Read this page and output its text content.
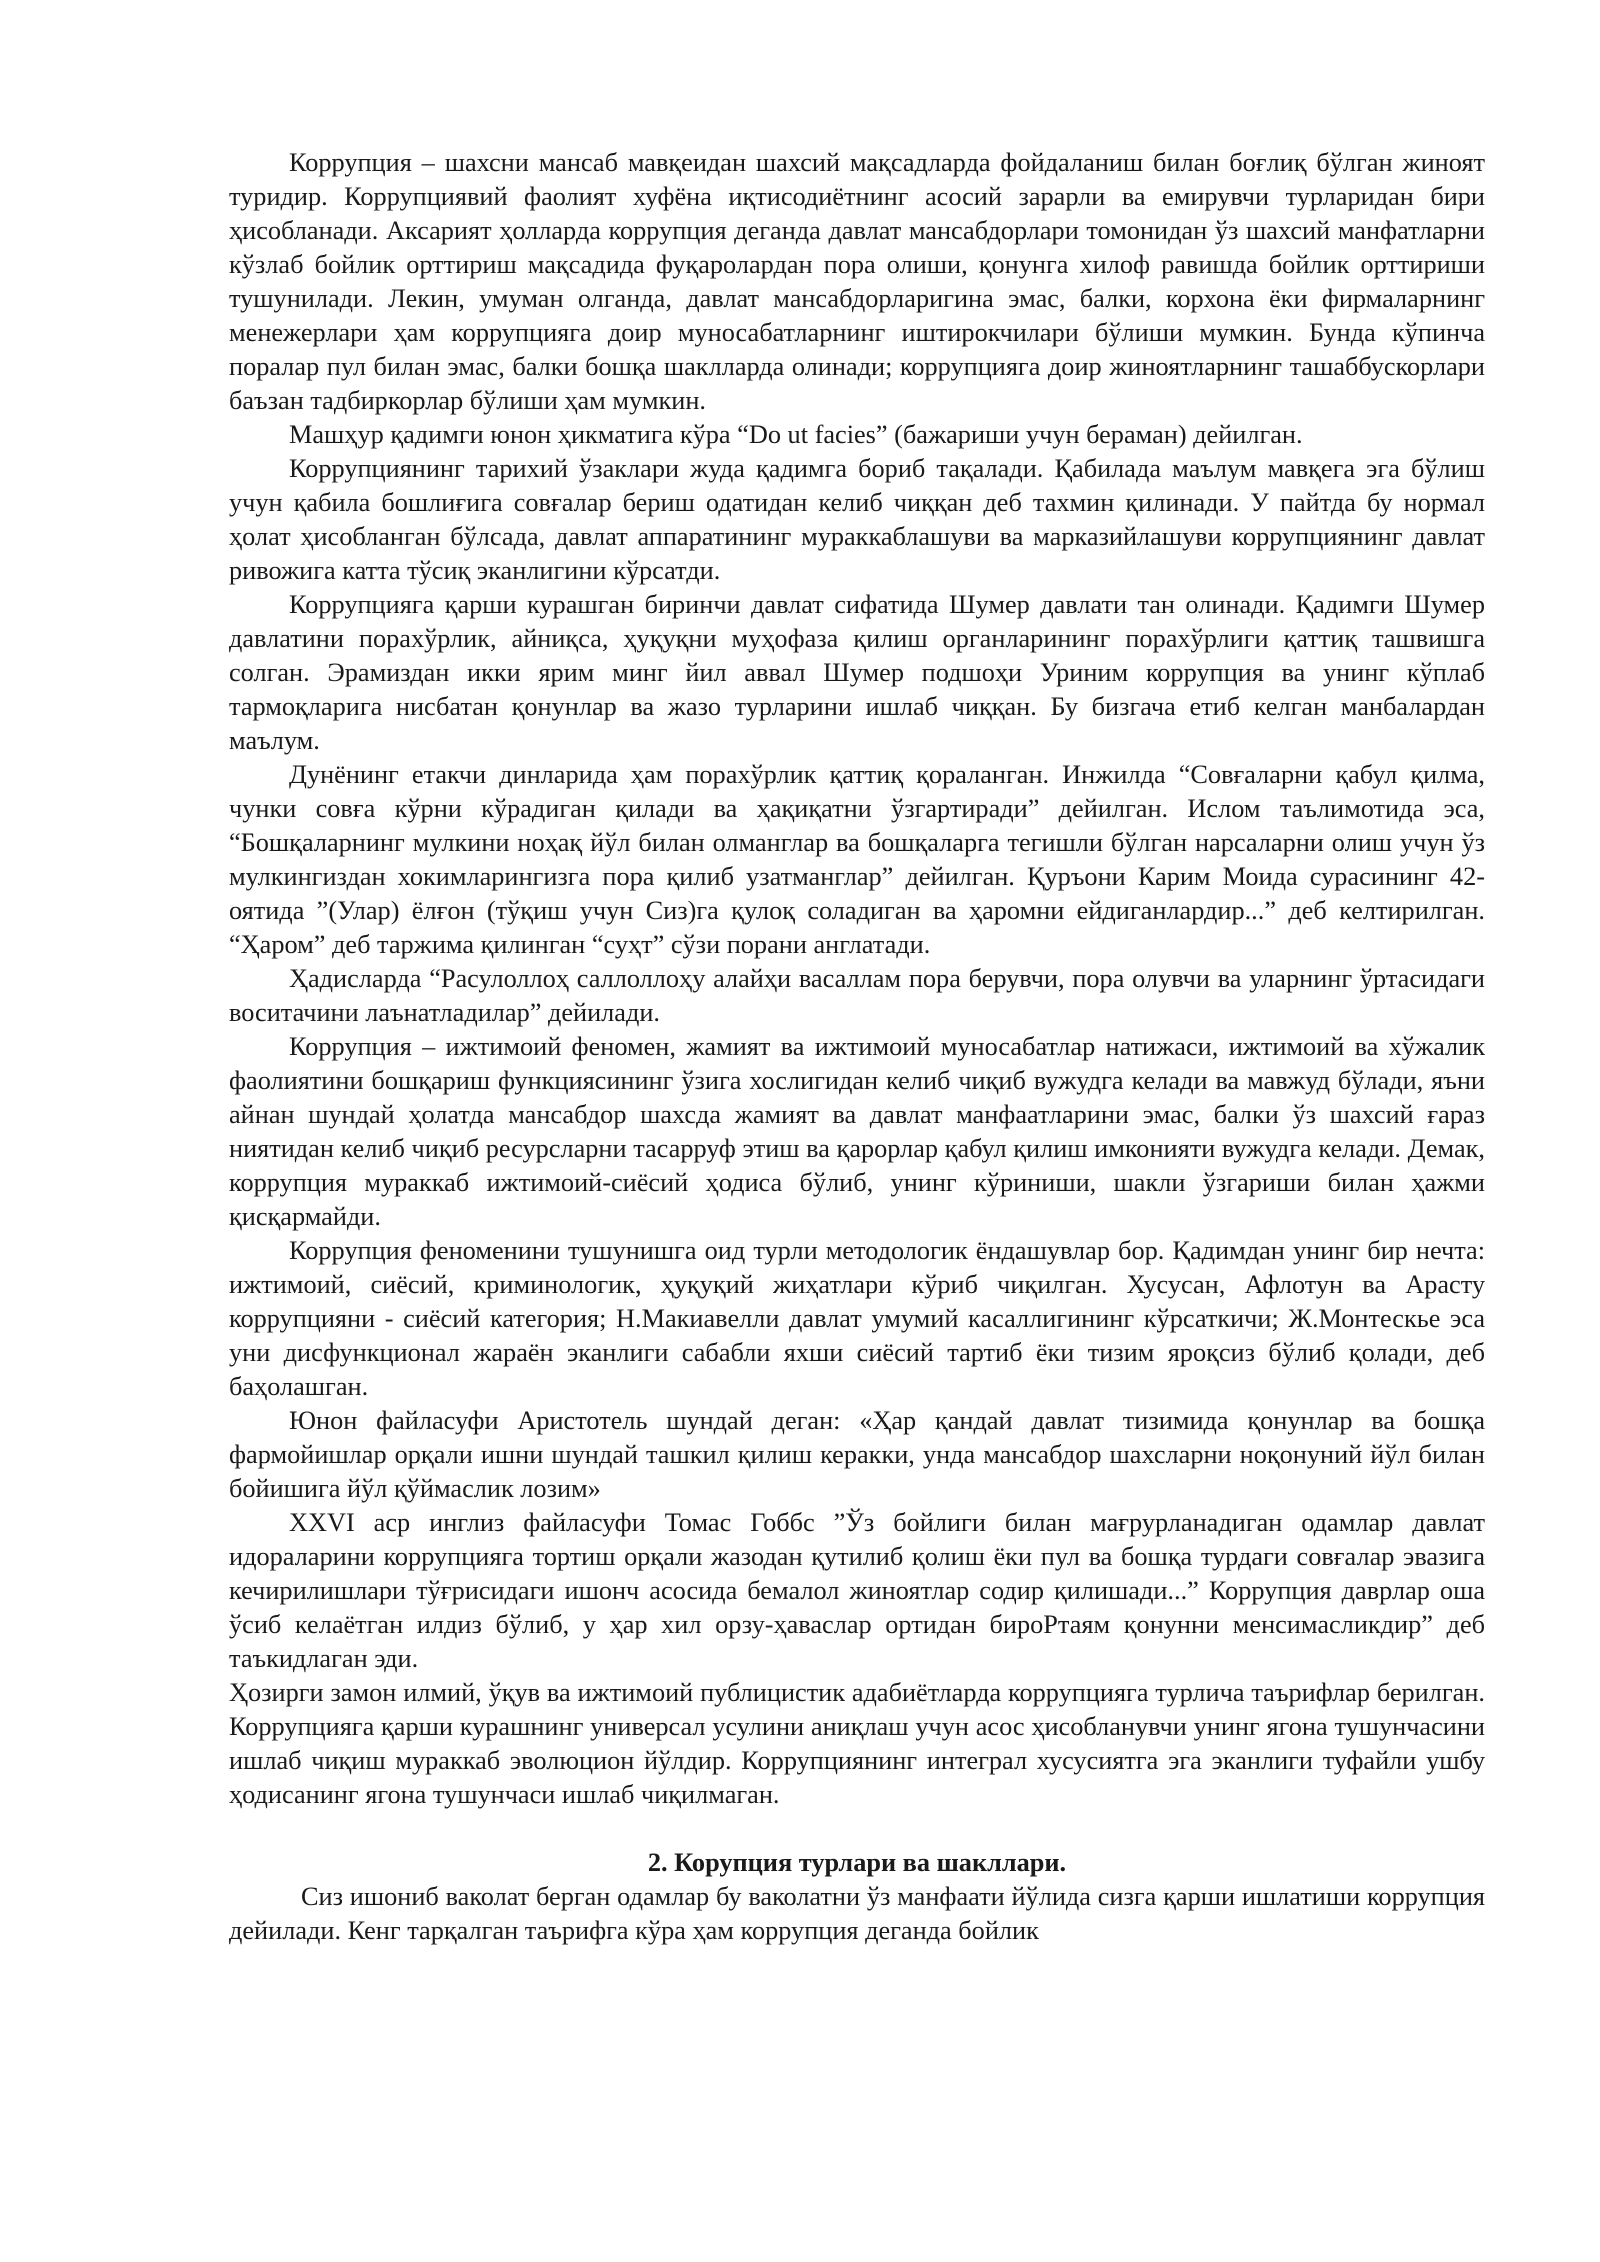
Коррупция – шахсни мансаб мавқеидан шахсий мақсадларда фойдаланиш билан боғлиқ бўлган жиноят туридир. Коррупциявий фаолият хуфёна иқтисодиётнинг асосий зарарли ва емирувчи турларидан бири ҳисобланади. Аксарият ҳолларда коррупция деганда давлат мансабдорлари томонидан ўз шахсий манфатларни кўзлаб бойлик орттириш мақсадида фуқаролардан пора олиши, қонунга хилоф равишда бойлик орттириши тушунилади. Лекин, умуман олганда, давлат мансабдорларигина эмас, балки, корхона ёки фирмаларнинг менежерлари ҳам коррупцияга доир муносабатларнинг иштирокчилари бўлиши мумкин. Бунда кўпинча поралар пул билан эмас, балки бошқа шаклларда олинади; коррупцияга доир жиноятларнинг ташаббускорлари баъзан тадбиркорлар бўлиши ҳам мумкин.

Машҳур қадимги юнон ҳикматига кўра “Do ut facies” (бажариши учун бераман) дейилган.

Коррупциянинг тарихий ўзаклари жуда қадимга бориб тақалади. Қабилада маълум мавқега эга бўлиш учун қабила бошлиғига совғалар бериш одатидан келиб чиққан деб тахмин қилинади. У пайтда бу нормал ҳолат ҳисобланган бўлсада, давлат аппаратининг мураккаблашуви ва марказийлашуви коррупциянинг давлат ривожига катта тўсиқ эканлигини кўрсатди.

Коррупцияга қарши курашган биринчи давлат сифатида Шумер давлати тан олинади. Қадимги Шумер давлатини порахўрлик, айниқса, ҳуқуқни муҳофаза қилиш органларининг порахўрлиги қаттиқ ташвишга солган. Эрамиздан икки ярим минг йил аввал Шумер подшоҳи Уриним коррупция ва унинг кўплаб тармоқларига нисбатан қонунлар ва жазо турларини ишлаб чиққан. Бу бизгача етиб келган манбалардан маълум.

Дунёнинг етакчи динларида ҳам порахўрлик қаттиқ қораланган. Инжилда “Совғаларни қабул қилма, чунки совға кўрни кўрадиган қилади ва ҳақиқатни ўзгартиради” дейилган. Ислом таълимотида эса, “Бошқаларнинг мулкини ноҳақ йўл билан олманглар ва бошқаларга тегишли бўлган нарсаларни олиш учун ўз мулкингиздан хокимларингизга пора қилиб узатманглар” дейилган. Қуръони Карим Моида сурасининг 42-оятида ”(Улар) ёлғон (тўқиш учун Сиз)га қулоқ соладиган ва ҳаромни ейдиганлардир...” деб келтирилган. “Ҳаром” деб таржима қилинган “суҳт” сўзи порани англатади.

Ҳадисларда “Расулоллоҳ саллоллоҳу алайҳи васаллам пора берувчи, пора олувчи ва уларнинг ўртасидаги воситачини лаънатладилар” дейилади.

Коррупция – ижтимоий феномен, жамият ва ижтимоий муносабатлар натижаси, ижтимоий ва хўжалик фаолиятини бошқариш функциясининг ўзига хослигидан келиб чиқиб вужудга келади ва мавжуд бўлади, яъни айнан шундай ҳолатда мансабдор шахсда жамият ва давлат манфаатларини эмас, балки ўз шахсий ғараз ниятидан келиб чиқиб ресурсларни тасарруф этиш ва қарорлар қабул қилиш имконияти вужудга келади. Демак, коррупция мураккаб ижтимоий-сиёсий ҳодиса бўлиб, унинг кўриниши, шакли ўзгариши билан ҳажми қисқармайди.

Коррупция феноменини тушунишга оид турли методологик ёндашувлар бор. Қадимдан унинг бир нечта: ижтимоий, сиёсий, криминологик, ҳуқуқий жиҳатлари кўриб чиқилган. Хусусан, Афлотун ва Арасту коррупцияни - сиёсий категория; Н.Макиавелли давлат умумий касаллигининг кўрсаткичи; Ж.Монтескье эса уни дисфункционал жараён эканлиги сабабли яхши сиёсий тартиб ёки тизим яроқсиз бўлиб қолади, деб баҳолашган.

Юнон файласуфи Аристотель шундай деган: «Ҳар қандай давлат тизимида қонунлар ва бошқа фармойишлар орқали ишни шундай ташкил қилиш керакки, унда мансабдор шахсларни ноқонуний йўл билан бойишига йўл қўймаслик лозим»

XXVI аср инглиз файласуфи Томас Гоббс ”Ўз бойлиги билан мағрурланадиган одамлар давлат идораларини коррупцияга тортиш орқали жазодан қутилиб қолиш ёки пул ва бошқа турдаги совғалар эвазига кечирилишлари тўғрисидаги ишонч асосида бемалол жиноятлар содир қилишади...” Коррупция даврлар оша ўсиб келаётган илдиз бўлиб, у ҳар хил орзу-ҳаваслар ортидан бироРтаям қонунни менсимасликдир” деб таъкидлаган эди.

Ҳозирги замон илмий, ўқув ва ижтимоий публицистик адабиётларда коррупцияга турлича таърифлар берилган. Коррупцияга қарши курашнинг универсал усулини аниқлаш учун асос ҳисобланувчи унинг ягона тушунчасини ишлаб чиқиш мураккаб эволюцион йўлдир. Коррупциянинг интеграл хусусиятга эга эканлиги туфайли ушбу ҳодисанинг ягона тушунчаси ишлаб чиқилмаган.

2. Корупция турлари ва шакллари.

Сиз ишониб ваколат берган одамлар бу ваколатни ўз манфаати йўлида сизга қарши ишлатиши коррупция дейилади. Кенг тарқалган таърифга кўра ҳам коррупция деганда бойлик
